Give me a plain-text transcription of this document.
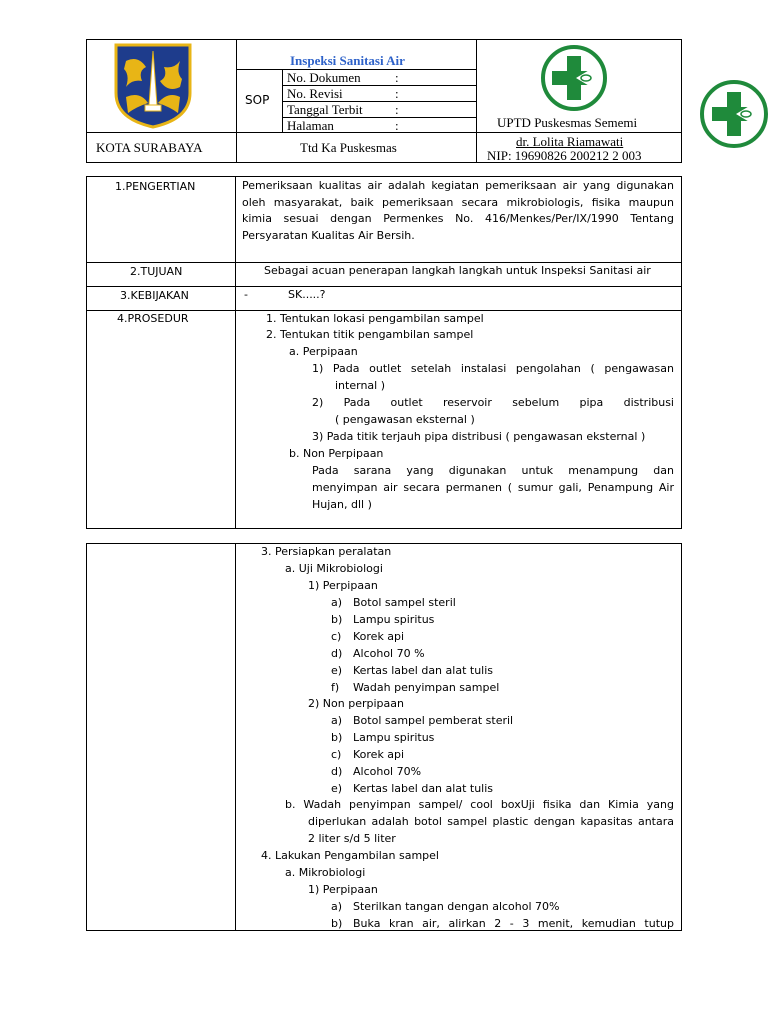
Inspeksi Sanitasi Air
SOP
No. Dokumen	:
No. Revisi	:
Tanggal Terbit :
Halaman	:
KOTA SURABAYA	Ttd Ka Puskesmas
UPTD Puskesmas Sememi
dr. Lolita Riamawati
NIP: 19690826 200212 2 003
1.PENGERTIAN	Pemeriksaan kualitas air adalah kegiatan pemeriksaan air yang digunakan
oleh masyarakat, baik pemeriksaan secara mikrobiologis, fisika maupun
kimia sesuai dengan Permenkes No. 416/Menkes/Per/IX/1990 Tentang
Persyaratan Kualitas Air Bersih.
2.TUJUAN	Sebagai acuan penerapan langkah langkah untuk Inspeksi Sanitasi air
3.KEBIJAKAN	-	SK.....?
4.PROSEDUR	1. Tentukan lokasi pengambilan sampel
2. Tentukan titik pengambilan sampel
a. Perpipaan
1) Pada outlet setelah instalasi pengolahan ( pengawasan
internal )
2) Pada outlet reservoir sebelum pipa distribusi
( pengawasan eksternal )
3) Pada titik terjauh pipa distribusi ( pengawasan eksternal )
b. Non Perpipaan
Pada sarana yang digunakan untuk menampung dan
menyimpan air secara permanen ( sumur gali, Penampung Air
Hujan, dll )
3. Persiapkan peralatan
a. Uji Mikrobiologi
1) Perpipaan
a) Botol sampel steril
b) Lampu spiritus
c) Korek api
d) Alcohol 70 %
e) Kertas label dan alat tulis
f) Wadah penyimpan sampel
2) Non perpipaan
a) Botol sampel pemberat steril
b) Lampu spiritus
c) Korek api
d) Alcohol 70%
e) Kertas label dan alat tulis
b. Wadah penyimpan sampel/ cool boxUji fisika dan Kimia yang
diperlukan adalah botol sampel plastic dengan kapasitas antara
2 liter s/d 5 liter
4. Lakukan Pengambilan sampel
a. Mikrobiologi
1) Perpipaan
a) Sterilkan tangan dengan alcohol 70%
b) Buka kran air, alirkan 2 - 3 menit, kemudian tutup
